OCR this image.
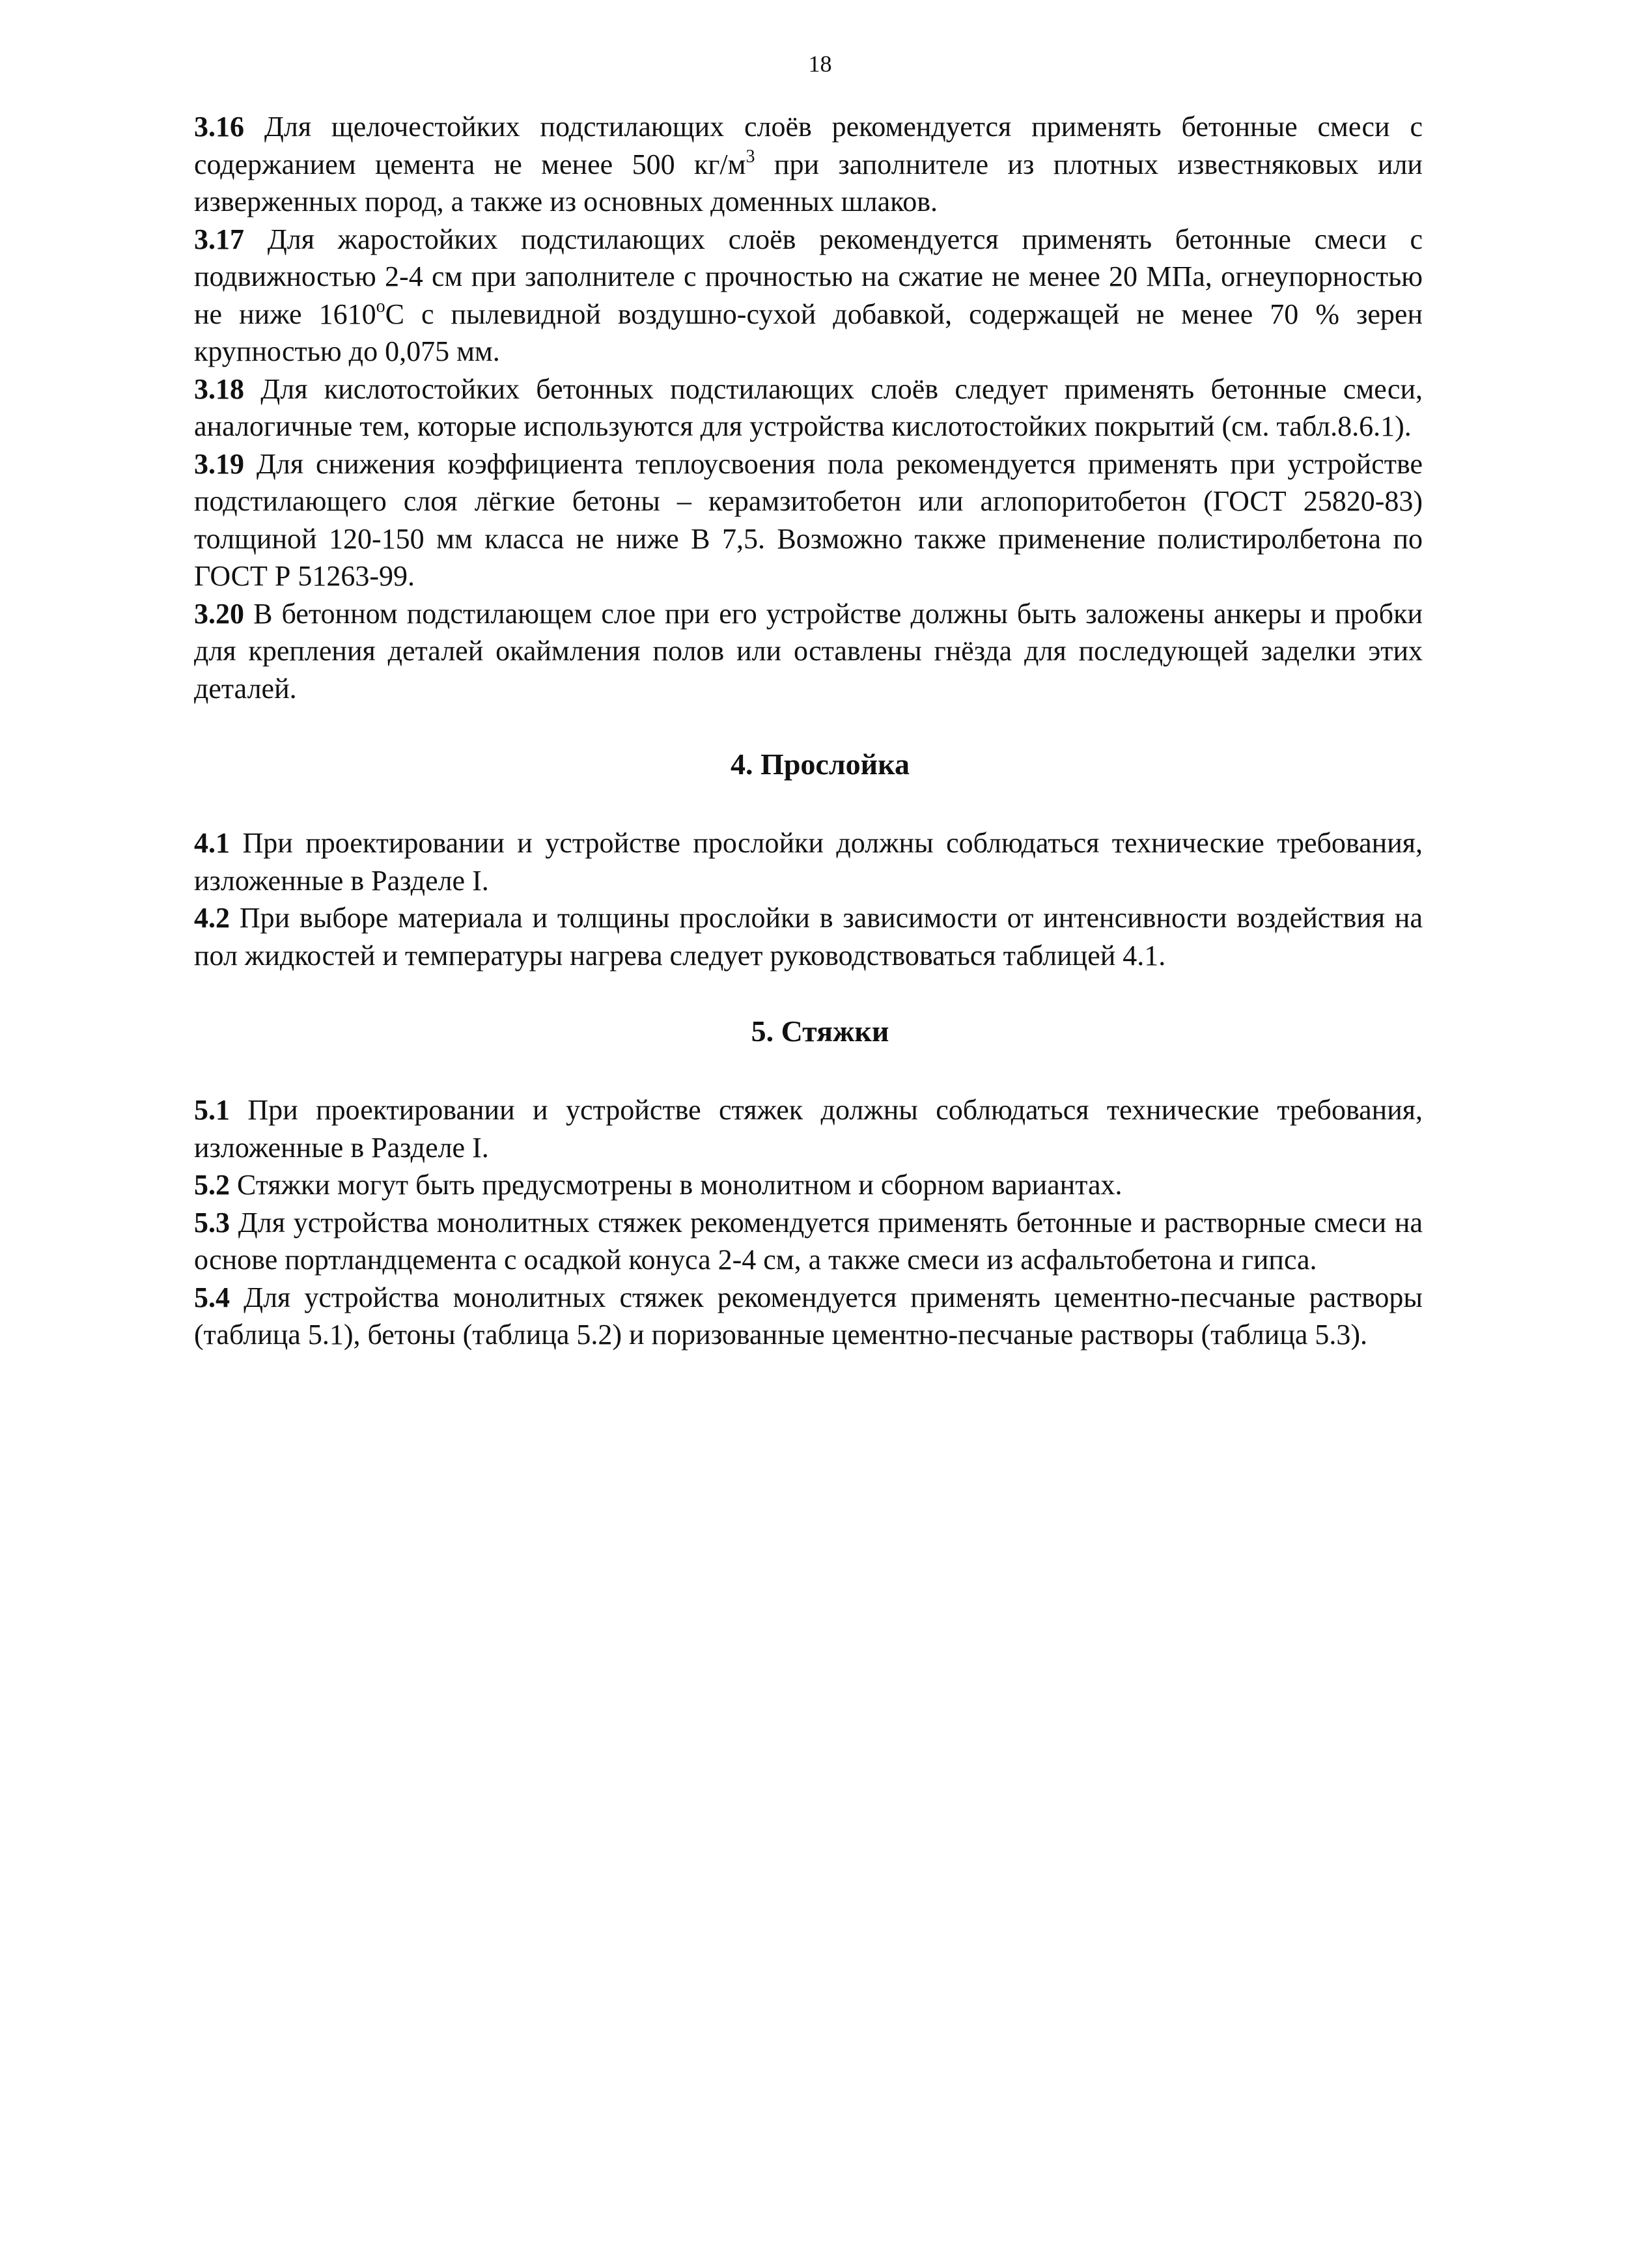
18

3.16 Для щелочестойких подстилающих слоёв рекомендуется применять бетонные смеси с содержанием цемента не менее 500 $кг/м^3$ при заполнителе из плотных известняковых или изверженных пород, а также из основных доменных шлаков.

3.17 Для жаростойких подстилающих слоёв рекомендуется применять бетонные смеси с подвижностью 2-4 см при заполнителе с прочностью на сжатие не менее 20 МПа, огнеупорностью не ниже 1610$^o$С с пылевидной воздушно-сухой добавкой, содержащей не менее 70 % зерен крупностью до 0,075 мм.

3.18 Для кислотостойких бетонных подстилающих слоёв следует применять бетонные смеси, аналогичные тем, которые используются для устройства кислотостойких покрытий (см. табл.8.6.1).

3.19 Для снижения коэффициента теплоусвоения пола рекомендуется применять при устройстве подстилающего слоя лёгкие бетоны – керамзитобетон или аглопоритобетон (ГОСТ 25820-83) толщиной 120-150 мм класса не ниже В 7,5. Возможно также применение полистиролбетона по ГОСТ Р 51263-99.

3.20 В бетонном подстилающем слое при его устройстве должны быть заложены анкеры и пробки для крепления деталей окаймления полов или оставлены гнёзда для последующей заделки этих деталей.

4. Прослойка

4.1 При проектировании и устройстве прослойки должны соблюдаться технические требования, изложенные в Разделе I.

4.2 При выборе материала и толщины прослойки в зависимости от интенсивности воздействия на пол жидкостей и температуры нагрева следует руководствоваться таблицей 4.1.

5. Стяжки

5.1 При проектировании и устройстве стяжек должны соблюдаться технические требования, изложенные в Разделе I.

5.2 Стяжки могут быть предусмотрены в монолитном и сборном вариантах.

5.3 Для устройства монолитных стяжек рекомендуется применять бетонные и растворные смеси на основе портландцемента с осадкой конуса 2-4 см, а также смеси из асфальтобетона и гипса.

5.4 Для устройства монолитных стяжек рекомендуется применять цементно-песчаные растворы (таблица 5.1), бетоны (таблица 5.2) и поризованные цементно-песчаные растворы (таблица 5.3).
